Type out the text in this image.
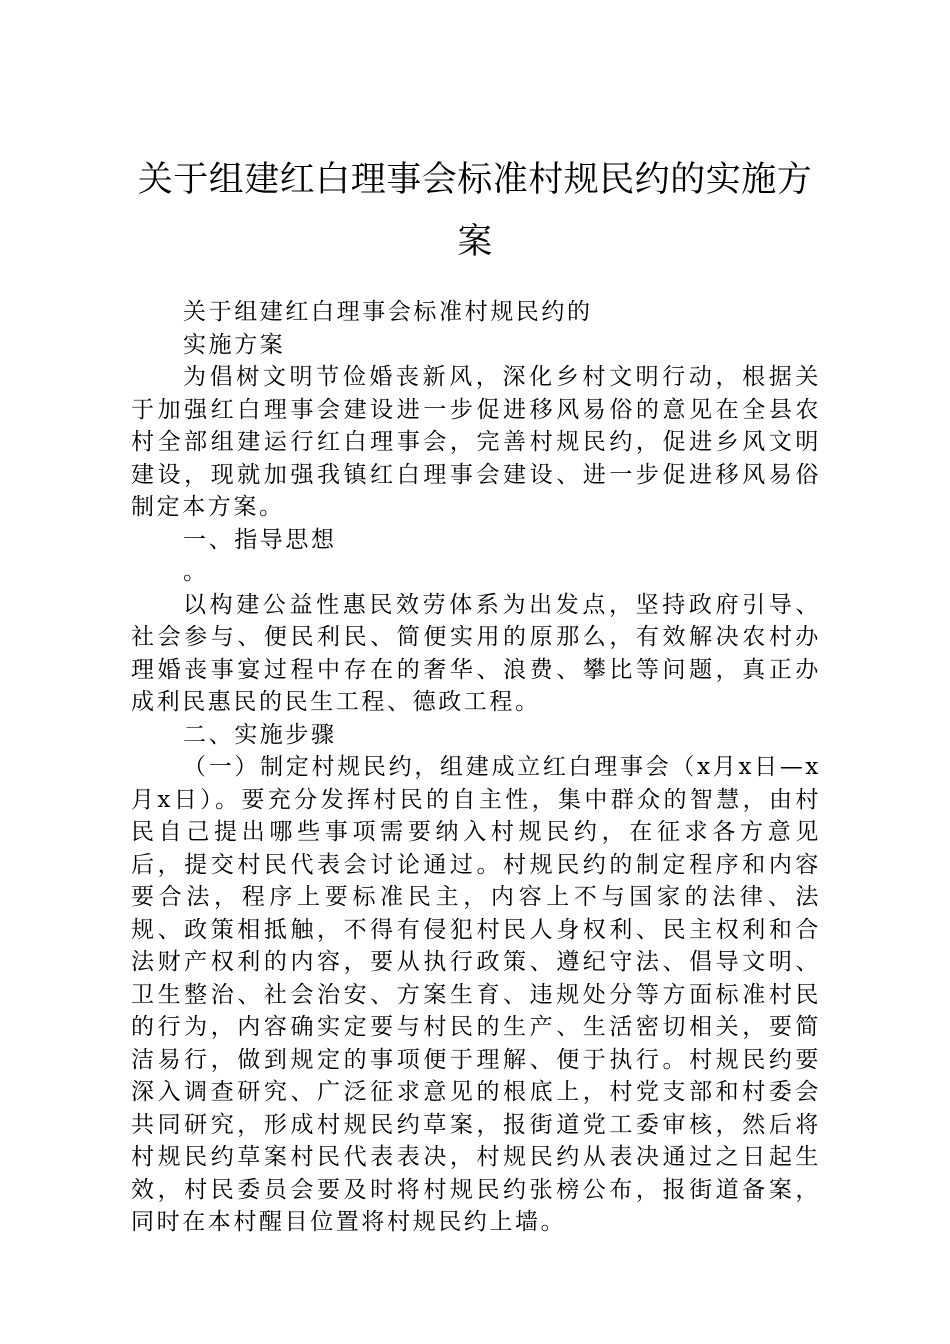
关于组建红白理事会标准村规民约的实施方
案

关于组建红白理事会标准村规民约的

实施方案

为倡树文明节俭婚丧新风，深化乡村文明行动，根据关于加强红白理事会建设进一步促进移风易俗的意见在全县农村全部组建运行红白理事会，完善村规民约，促进乡风文明建设，现就加强我镇红白理事会建设、进一步促进移风易俗制定本方案。

一、指导思想

。

以构建公益性惠民效劳体系为出发点，坚持政府引导、社会参与、便民利民、简便实用的原那么，有效解决农村办理婚丧事宴过程中存在的奢华、浪费、攀比等问题，真正办成利民惠民的民生工程、德政工程。

二、实施步骤

（一）制定村规民约，组建成立红白理事会（x月x日—x月x日）。要充分发挥村民的自主性，集中群众的智慧，由村民自己提出哪些事项需要纳入村规民约，在征求各方意见后，提交村民代表会讨论通过。村规民约的制定程序和内容要合法，程序上要标准民主，内容上不与国家的法律、法规、政策相抵触，不得有侵犯村民人身权利、民主权利和合法财产权利的内容，要从执行政策、遵纪守法、倡导文明、卫生整治、社会治安、方案生育、违规处分等方面标准村民的行为，内容确实定要与村民的生产、生活密切相关，要简洁易行，做到规定的事项便于理解、便于执行。村规民约要深入调查研究、广泛征求意见的根底上，村党支部和村委会共同研究，形成村规民约草案，报街道党工委审核，然后将村规民约草案村民代表表决，村规民约从表决通过之日起生效，村民委员会要及时将村规民约张榜公布，报街道备案，同时在本村醒目位置将村规民约上墙。
